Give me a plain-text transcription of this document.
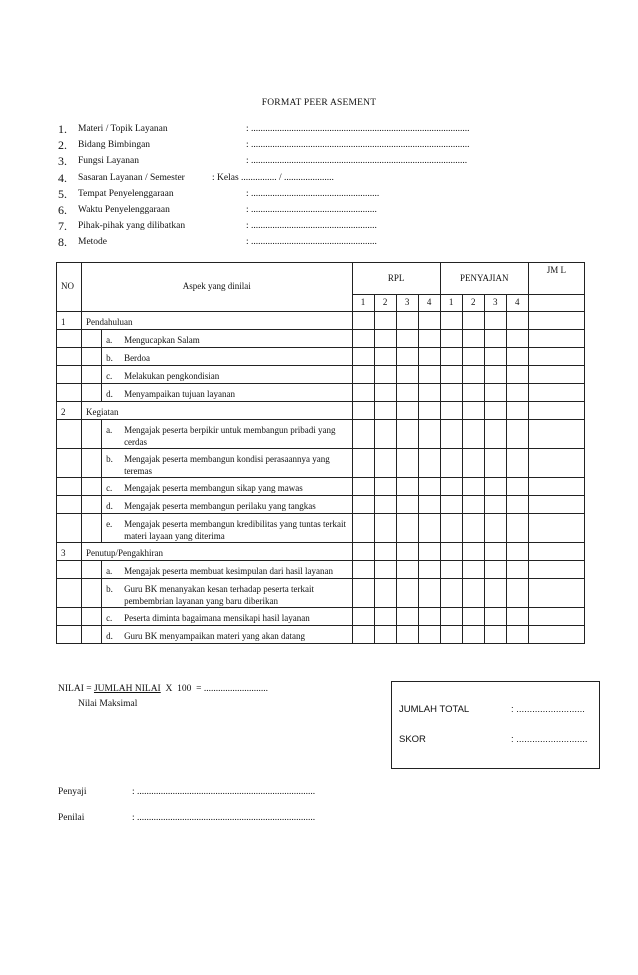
FORMAT PEER ASEMENT
1.	Materi / Topik Layanan	: ............................................................................................
2.	Bidang Bimbingan	: ............................................................................................
3.	Fungsi Layanan	: ...........................................................................................
4.	Sasaran Layanan / Semester	: Kelas ............... / .....................
5.	Tempat Penyelenggaraan	: ......................................................
6.	Waktu Penyelenggaraan	: .....................................................
7.	Pihak-pihak yang dilibatkan	: .....................................................
8.	Metode	: .....................................................
NO	Aspek yang dinilai		RPL				PENYAJIAN				JM L
			1	2	3	4	1	2	3	4	
1	Pendahuluan										

		a. Mengucapkan Salam									

		b. Berdoa									

		c. Melakukan pengkondisian									

		d. Menyampaikan tujuan layanan									

2	Kegiatan										

		a. Mengajak peserta berpikir untuk membangun pribadi yang cerdas									

		b. Mengajak peserta membangun kondisi perasaannya yang teremas									

		c. Mengajak peserta membangun sikap yang mawas									

		d. Mengajak peserta membangun perilaku yang tangkas									

		e. Mengajak peserta membangun kredibilitas yang tuntas terkait materi layaan yang diterima									

3	Penutup/Pengakhiran										

		a. Mengajak peserta membuat kesimpulan dari hasil layanan									

		b. Guru BK menanyakan kesan terhadap peserta terkait pembembrian layanan yang baru diberikan									

		c. Peserta diminta bagaimana mensikapi hasil layanan									

		d. Guru BK menyampaikan materi yang akan datang									

NILAI = JUMLAH NILAI  X  100  = ...........................
Nilai Maksimal	JUMLAH TOTAL	: ..........................
SKOR	: ...........................
Penyaji	: ...........................................................................
Penilai	: ...........................................................................
